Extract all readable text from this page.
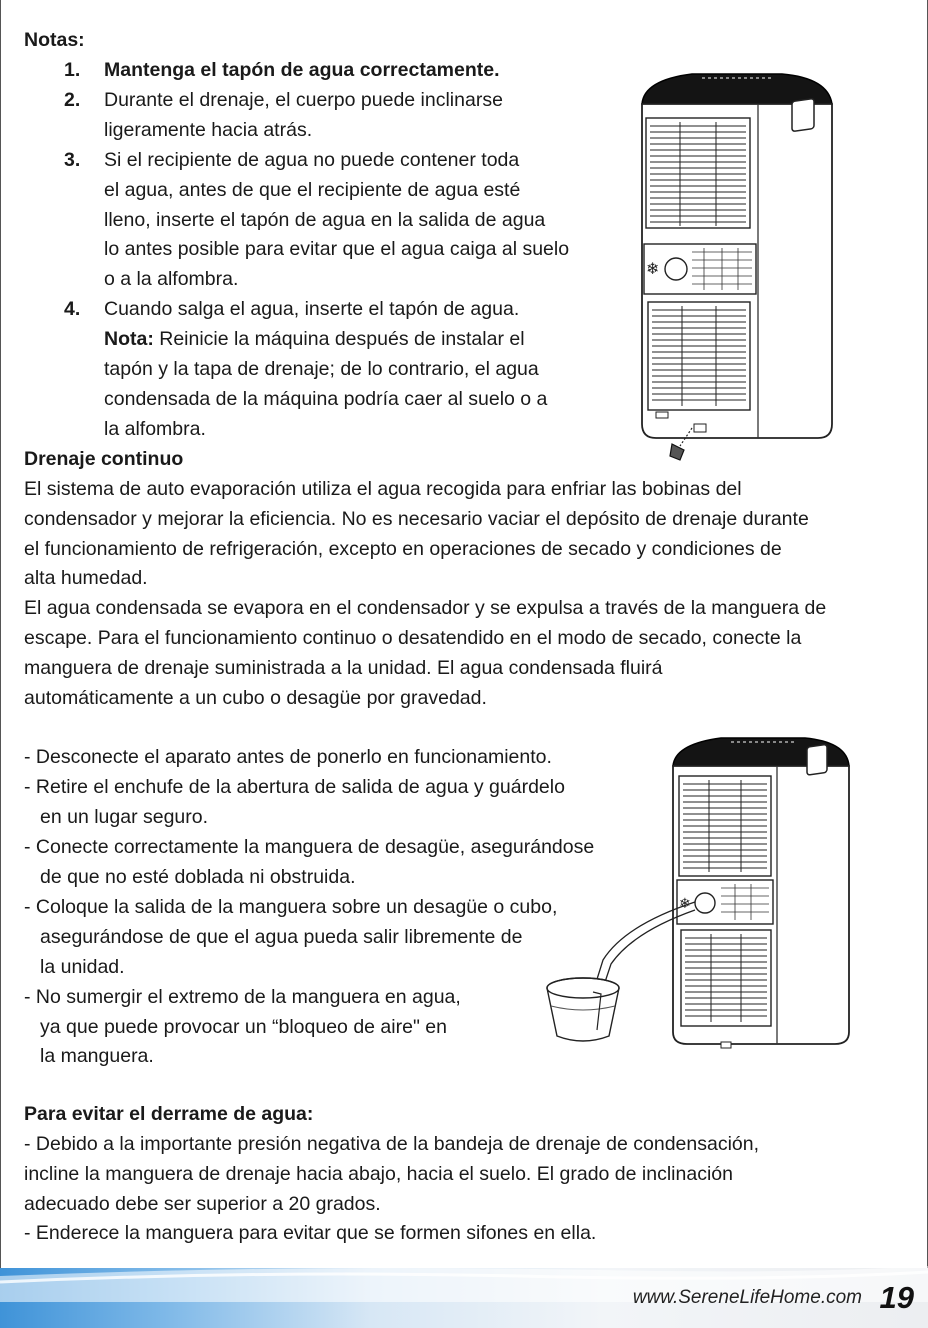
Notas:
1. Mantenga el tapón de agua correctamente.
2. Durante el drenaje, el cuerpo puede inclinarse
ligeramente hacia atrás.
3. Si el recipiente de agua no puede contener toda
el agua, antes de que el recipiente de agua esté
lleno, inserte el tapón de agua en la salida de agua
lo antes posible para evitar que el agua caiga al suelo
o a la alfombra.
4. Cuando salga el agua, inserte el tapón de agua.
Nota: Reinicie la máquina después de instalar el
tapón y la tapa de drenaje; de lo contrario, el agua
condensada de la máquina podría caer al suelo o a
la alfombra.
❄
Drenaje continuo
El sistema de auto evaporación utiliza el agua recogida para enfriar las bobinas del
condensador y mejorar la eficiencia. No es necesario vaciar el depósito de drenaje durante
el funcionamiento de refrigeración, excepto en operaciones de secado y condiciones de
alta humedad.
El agua condensada se evapora en el condensador y se expulsa a través de la manguera de
escape. Para el funcionamiento continuo o desatendido en el modo de secado, conecte la
manguera de drenaje suministrada a la unidad. El agua condensada fluirá
automáticamente a un cubo o desagüe por gravedad.
- Desconecte el aparato antes de ponerlo en funcionamiento.
- Retire el enchufe de la abertura de salida de agua y guárdelo
en un lugar seguro.
- Conecte correctamente la manguera de desagüe, asegurándose
de que no esté doblada ni obstruida.
- Coloque la salida de la manguera sobre un desagüe o cubo,
asegurándose de que el agua pueda salir libremente de
la unidad.
- No sumergir el extremo de la manguera en agua,
ya que puede provocar un “bloqueo de aire" en
la manguera.
❄
Para evitar el derrame de agua:
- Debido a la importante presión negativa de la bandeja de drenaje de condensación,
incline la manguera de drenaje hacia abajo, hacia el suelo. El grado de inclinación
adecuado debe ser superior a 20 grados.
- Enderece la manguera para evitar que se formen sifones en ella.
www.SereneLifeHome.com 19
